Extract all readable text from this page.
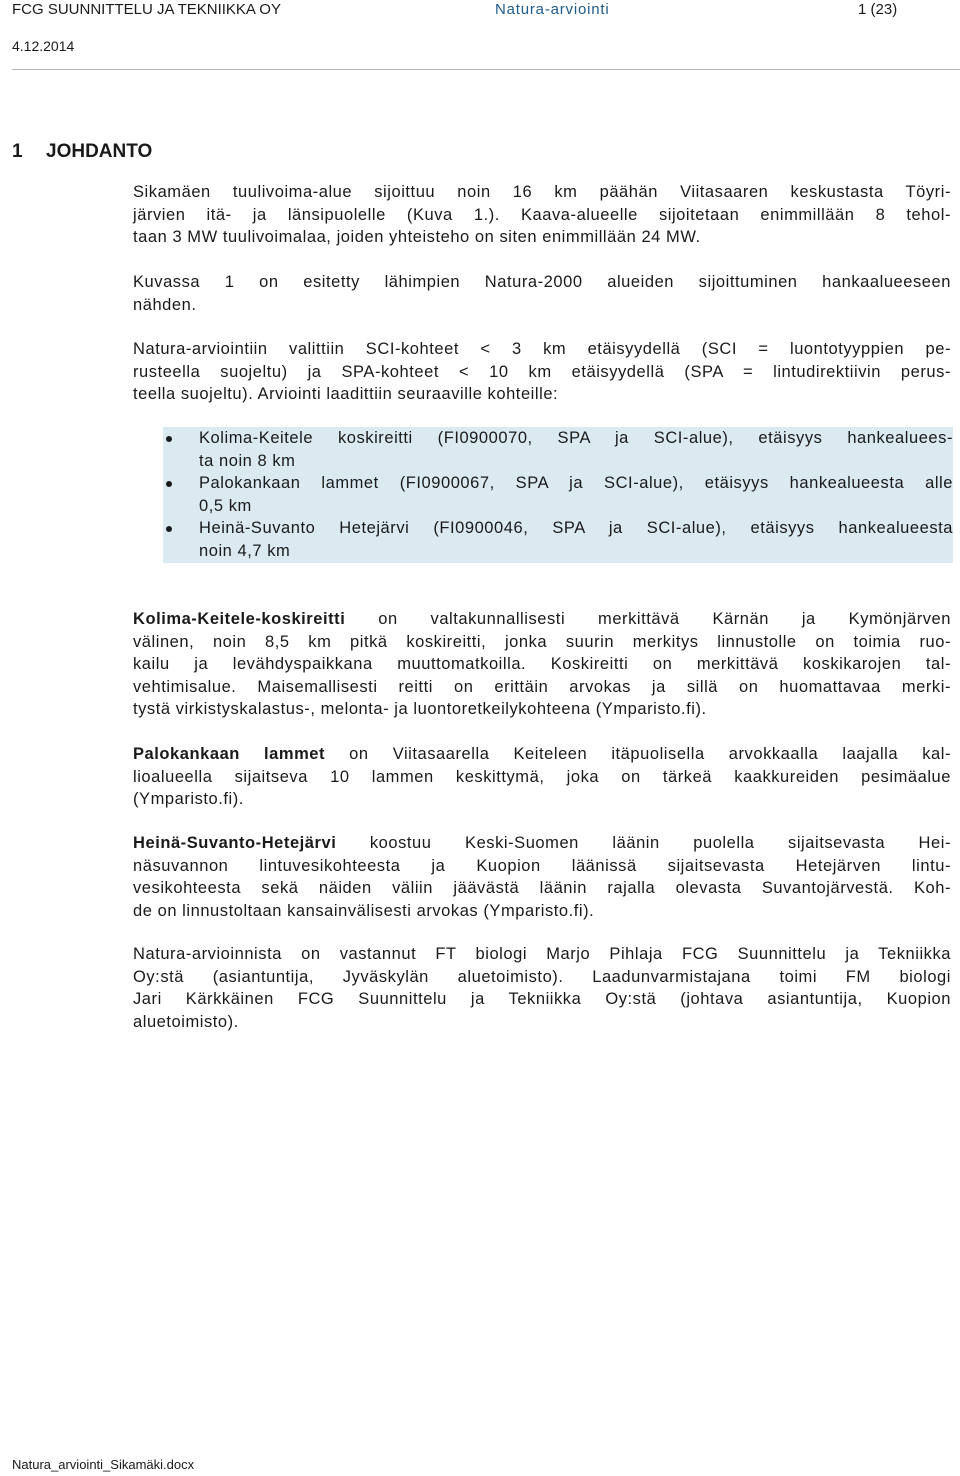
FCG SUUNNITTELU JA TEKNIIKKA OY	Natura-arviointi	1 (23)
4.12.2014
1 JOHDANTO

Sikamäen tuulivoima-alue sijoittuu noin 16 km päähän Viitasaaren keskustasta Töyri-
järvien itä- ja länsipuolelle (Kuva 1.). Kaava-alueelle sijoitetaan enimmillään 8 tehol-
taan 3 MW tuulivoimalaa, joiden yhteisteho on siten enimmillään 24 MW.

Kuvassa 1 on esitetty lähimpien Natura-2000 alueiden sijoittuminen hankaalueeseen
nähden.

Natura-arviointiin valittiin SCI-kohteet < 3 km etäisyydellä (SCI = luontotyyppien pe-
rusteella suojeltu) ja SPA-kohteet < 10 km etäisyydellä (SPA = lintudirektiivin perus-
teella suojeltu). Arviointi laadittiin seuraaville kohteille:

Kolima-Keitele koskireitti (FI0900070, SPA ja SCI-alue), etäisyys hankealuees-
ta noin 8 km
Palokankaan lammet (FI0900067, SPA ja SCI-alue), etäisyys hankealueesta alle
0,5 km
Heinä-Suvanto Hetejärvi (FI0900046, SPA ja SCI-alue), etäisyys hankealueesta
noin 4,7 km

Kolima-Keitele-koskireitti on valtakunnallisesti merkittävä Kärnän ja Kymönjärven
välinen, noin 8,5 km pitkä koskireitti, jonka suurin merkitys linnustolle on toimia ruo-
kailu ja levähdyspaikkana muuttomatkoilla. Koskireitti on merkittävä koskikarojen tal-
vehtimisalue. Maisemallisesti reitti on erittäin arvokas ja sillä on huomattavaa merki-
tystä virkistyskalastus-, melonta- ja luontoretkeilykohteena (Ymparisto.fi).

Palokankaan lammet on Viitasaarella Keiteleen itäpuolisella arvokkaalla laajalla kal-
lioalueella sijaitseva 10 lammen keskittymä, joka on tärkeä kaakkureiden pesimäalue
(Ymparisto.fi).

Heinä-Suvanto-Hetejärvi koostuu Keski-Suomen läänin puolella sijaitsevasta Hei-
näsuvannon lintuvesikohteesta ja Kuopion läänissä sijaitsevasta Hetejärven lintu-
vesikohteesta sekä näiden väliin jäävästä läänin rajalla olevasta Suvantojärvestä. Koh-
de on linnustoltaan kansainvälisesti arvokas (Ymparisto.fi).

Natura-arvioinnista on vastannut FT biologi Marjo Pihlaja FCG Suunnittelu ja Tekniikka
Oy:stä (asiantuntija, Jyväskylän aluetoimisto). Laadunvarmistajana toimi FM biologi
Jari Kärkkäinen FCG Suunnittelu ja Tekniikka Oy:stä (johtava asiantuntija, Kuopion
aluetoimisto).

Natura_arviointi_Sikamäki.docx
